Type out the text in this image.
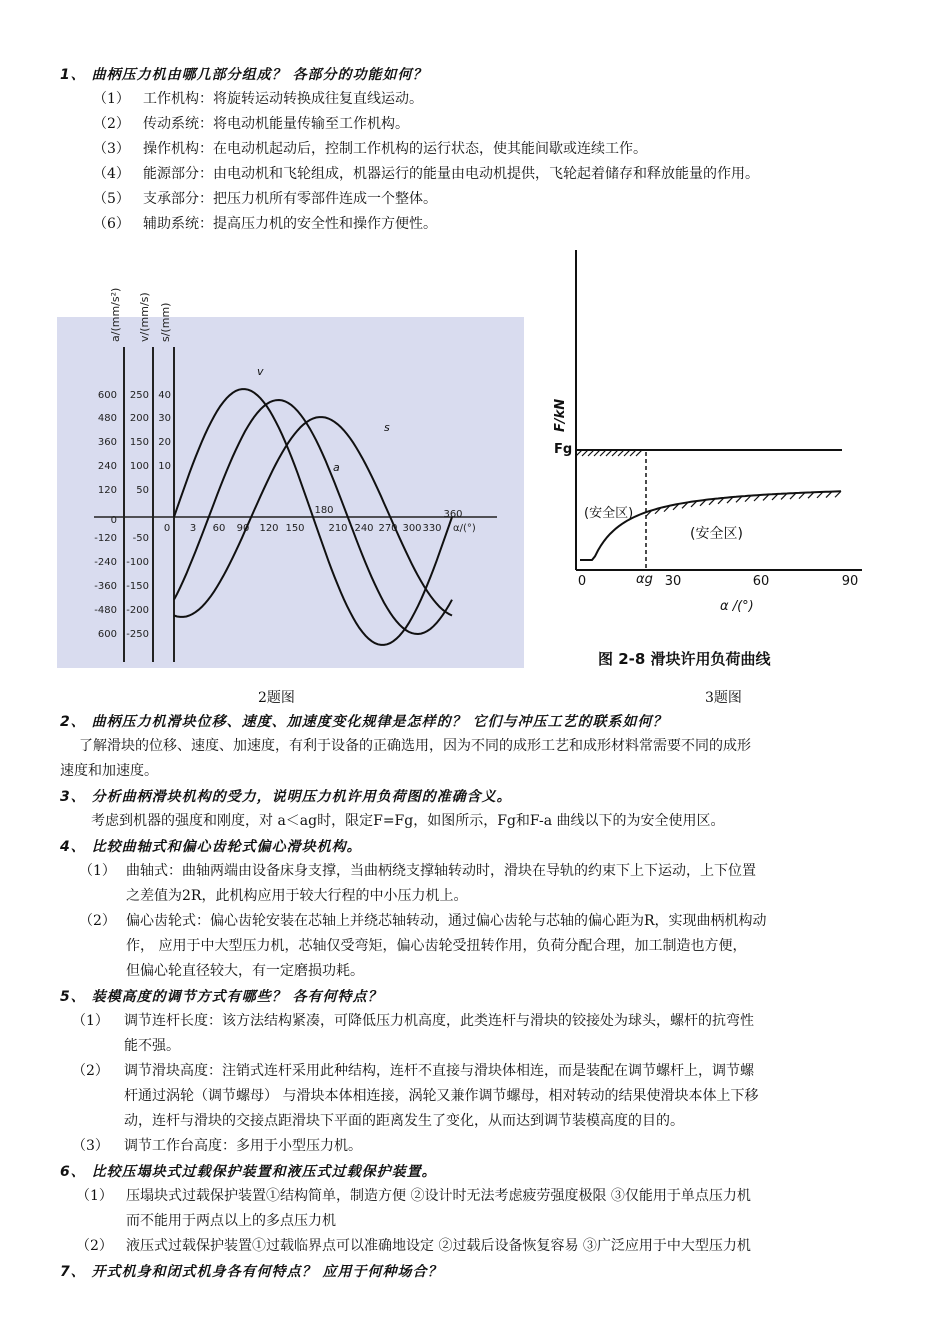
1、 曲柄压力机由哪几部分组成？ 各部分的功能如何？
（1） 工作机构：将旋转运动转换成往复直线运动。
（2） 传动系统：将电动机能量传输至工作机构。
（3） 操作机构：在电动机起动后，控制工作机构的运行状态，使其能间歇或连续工作。
（4） 能源部分：由电动机和飞轮组成，机器运行的能量由电动机提供，飞轮起着储存和释放能量的作用。
（5） 支承部分：把压力机所有零部件连成一个整体。
（6） 辅助系统：提高压力机的安全性和操作方便性。
a/(mm/s²) v/(mm/s) s/(mm)
α/(°)
600
480
360
240
120
0
-120
-240
-360
-480
600
250
200
150
100
50
-50
-100
-150
-200
-250
40
30
20
10
0 3 60 90 120 150
180
210 240 270 300 330
360
v
s
a
F/kN
Fg
(安全区)
(安全区)
0	30	60	90
αg
α /(°)
图 2-8 滑块许用负荷曲线
2题图	3题图
2、 曲柄压力机滑块位移、速度、加速度变化规律是怎样的？ 它们与冲压工艺的联系如何？
了解滑块的位移、速度、加速度，有利于设备的正确选用，因为不同的成形工艺和成形材料常需要不同的成形
速度和加速度。
3、 分析曲柄滑块机构的受力，说明压力机许用负荷图的准确含义。
考虑到机器的强度和刚度，对 a＜ag时，限定F=Fg，如图所示，Fg和F-a 曲线以下的为安全使用区。
4、 比较曲轴式和偏心齿轮式偏心滑块机构。
（1） 曲轴式：曲轴两端由设备床身支撑，当曲柄绕支撑轴转动时，滑块在导轨的约束下上下运动，上下位置
之差值为2R，此机构应用于较大行程的中小压力机上。
（2） 偏心齿轮式：偏心齿轮安装在芯轴上并绕芯轴转动，通过偏心齿轮与芯轴的偏心距为R，实现曲柄机构动
作， 应用于中大型压力机，芯轴仅受弯矩，偏心齿轮受扭转作用，负荷分配合理，加工制造也方便，
但偏心轮直径较大，有一定磨损功耗。
5、 装模高度的调节方式有哪些？ 各有何特点？
（1） 调节连杆长度：该方法结构紧凑，可降低压力机高度，此类连杆与滑块的铰接处为球头，螺杆的抗弯性
能不强。
（2） 调节滑块高度：注销式连杆采用此种结构，连杆不直接与滑块体相连，而是装配在调节螺杆上，调节螺
杆通过涡轮（调节螺母） 与滑块本体相连接，涡轮又兼作调节螺母，相对转动的结果使滑块本体上下移
动，连杆与滑块的交接点距滑块下平面的距离发生了变化，从而达到调节装模高度的目的。
（3） 调节工作台高度：多用于小型压力机。
6、 比较压塌块式过载保护装置和液压式过载保护装置。
（1） 压塌块式过载保护装置①结构简单，制造方便 ②设计时无法考虑疲劳强度极限 ③仅能用于单点压力机
而不能用于两点以上的多点压力机
（2） 液压式过载保护装置①过载临界点可以准确地设定 ②过载后设备恢复容易 ③广泛应用于中大型压力机
7、 开式机身和闭式机身各有何特点？ 应用于何种场合？
